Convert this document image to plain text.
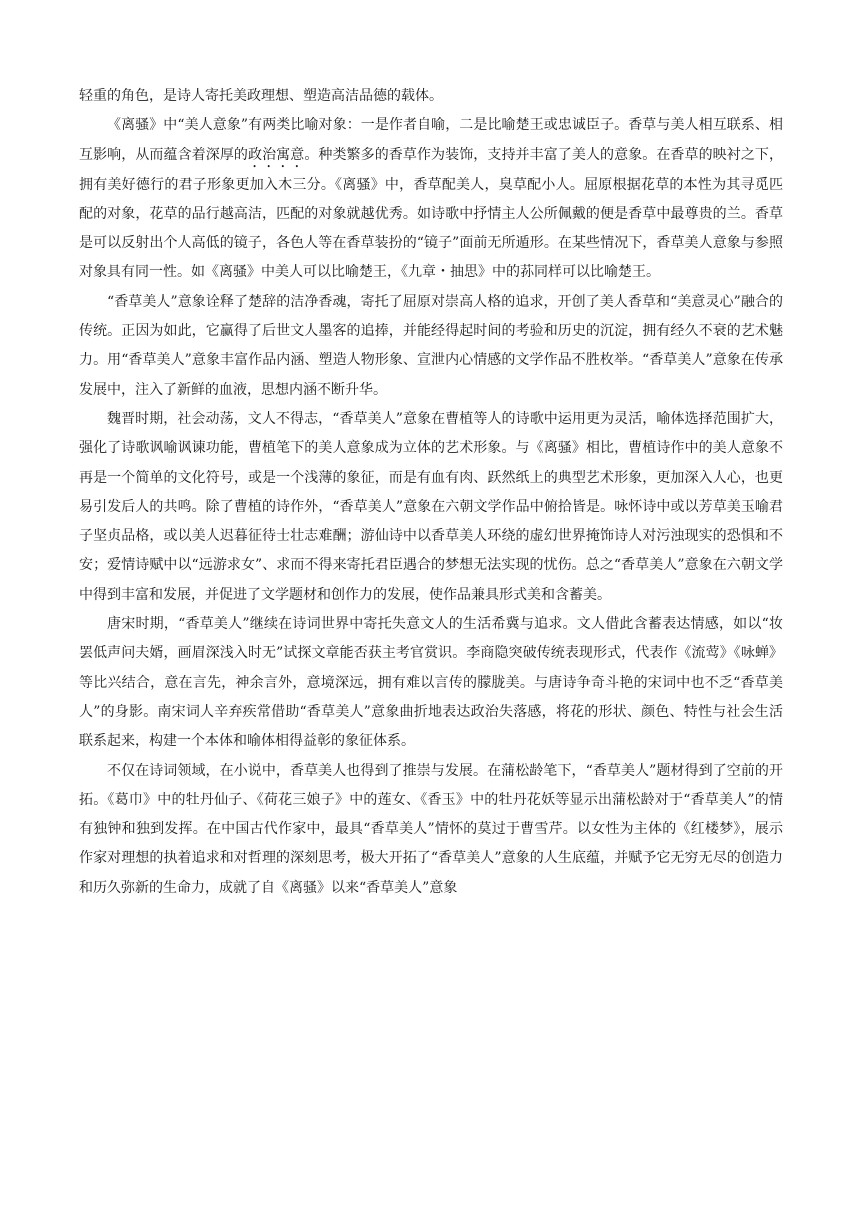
轻重的角色，是诗人寄托美政理想、塑造高洁品德的载体。

《离骚》中“美人意象”有两类比喻对象：一是作者自喻，二是比喻楚王或忠诚臣子。香草与美人相互联系、相互影响，从而蕴含着深厚的政治寓意。种类繁多的香草作为装饰，支持并丰富了美人的意象。在香草的映衬之下，拥有美好德行的君子形象更加入木三分。《离骚》中，香草配美人，臭草配小人。屈原根据花草的本性为其寻觅匹配的对象，花草的品行越高洁，匹配的对象就越优秀。如诗歌中抒情主人公所佩戴的便是香草中最尊贵的兰。香草是可以反射出个人高低的镜子，各色人等在香草装扮的“镜子”面前无所遁形。在某些情况下，香草美人意象与参照对象具有同一性。如《离骚》中美人可以比喻楚王，《九章・抽思》中的荪同样可以比喻楚王。

“香草美人”意象诠释了楚辞的洁净香魂，寄托了屈原对崇高人格的追求，开创了美人香草和“美意灵心”融合的传统。正因为如此，它赢得了后世文人墨客的追捧，并能经得起时间的考验和历史的沉淀，拥有经久不衰的艺术魅力。用“香草美人”意象丰富作品内涵、塑造人物形象、宣泄内心情感的文学作品不胜枚举。“香草美人”意象在传承发展中，注入了新鲜的血液，思想内涵不断升华。

魏晋时期，社会动荡，文人不得志，“香草美人”意象在曹植等人的诗歌中运用更为灵活，喻体选择范围扩大，强化了诗歌讽喻讽谏功能，曹植笔下的美人意象成为立体的艺术形象。与《离骚》相比，曹植诗作中的美人意象不再是一个简单的文化符号，或是一个浅薄的象征，而是有血有肉、跃然纸上的典型艺术形象，更加深入人心，也更易引发后人的共鸣。除了曹植的诗作外，“香草美人”意象在六朝文学作品中俯拾皆是。咏怀诗中或以芳草美玉喻君子坚贞品格，或以美人迟暮征待士壮志难酬；游仙诗中以香草美人环绕的虚幻世界掩饰诗人对污浊现实的恐惧和不安；爱情诗赋中以“远游求女”、求而不得来寄托君臣遇合的梦想无法实现的忧伤。总之“香草美人”意象在六朝文学中得到丰富和发展，并促进了文学题材和创作力的发展，使作品兼具形式美和含蓄美。

唐宋时期，“香草美人”继续在诗词世界中寄托失意文人的生活希冀与追求。文人借此含蓄表达情感，如以“妆罢低声问夫婿，画眉深浅入时无”试探文章能否获主考官赏识。李商隐突破传统表现形式，代表作《流莺》《咏蝉》等比兴结合，意在言先，神余言外，意境深远，拥有难以言传的朦胧美。与唐诗争奇斗艳的宋词中也不乏“香草美人”的身影。南宋词人辛弃疾常借助“香草美人”意象曲折地表达政治失落感，将花的形状、颜色、特性与社会生活联系起来，构建一个本体和喻体相得益彰的象征体系。

不仅在诗词领域，在小说中，香草美人也得到了推崇与发展。在蒲松龄笔下，“香草美人”题材得到了空前的开拓。《葛巾》中的牡丹仙子、《荷花三娘子》中的莲女、《香玉》中的牡丹花妖等显示出蒲松龄对于“香草美人”的情有独钟和独到发挥。在中国古代作家中，最具“香草美人”情怀的莫过于曹雪芹。以女性为主体的《红楼梦》，展示作家对理想的执着追求和对哲理的深刻思考，极大开拓了“香草美人”意象的人生底蕴，并赋予它无穷无尽的创造力和历久弥新的生命力，成就了自《离骚》以来“香草美人”意象
